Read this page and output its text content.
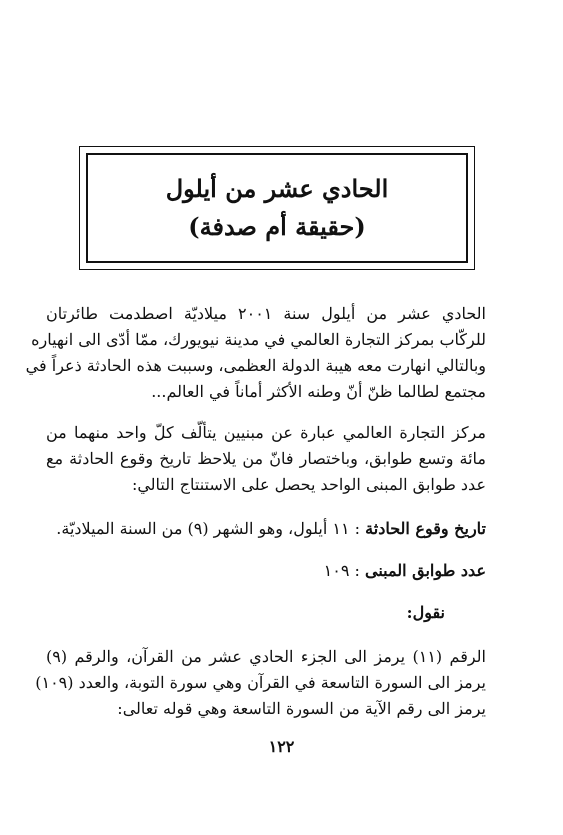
الحادي عشر من أيلول
(حقيقة أم صدفة)
الحادي عشر من أيلول سنة ٢٠٠١ ميلاديّة اصطدمت طائرتان
للركّاب بمركز التجارة العالمي في مدينة نيويورك، ممّا أدّى الى انهياره
وبالتالي انهارت معه هيبة الدولة العظمى، وسببت هذه الحادثة ذعراً في
مجتمع لطالما ظنّ أنّ وطنه الأكثر أماناً في العالم...
مركز التجارة العالمي عبارة عن مبنيين يتألّف كلّ واحد منهما من
مائة وتسع طوابق، وباختصار فانّ من يلاحظ تاريخ وقوع الحادثة مع
عدد طوابق المبنى الواحد يحصل على الاستنتاج التالي:
تاريخ وقوع الحادثة : ١١ أيلول، وهو الشهر (٩) من السنة الميلاديّة.
عدد طوابق المبنى : ١٠٩
نقول:
الرقم (١١) يرمز الى الجزء الحادي عشر من القرآن، والرقم (٩)
يرمز الى السورة التاسعة في القرآن وهي سورة التوبة، والعدد (١٠٩)
يرمز الى رقم الآية من السورة التاسعة وهي قوله تعالى:
١٢٢
